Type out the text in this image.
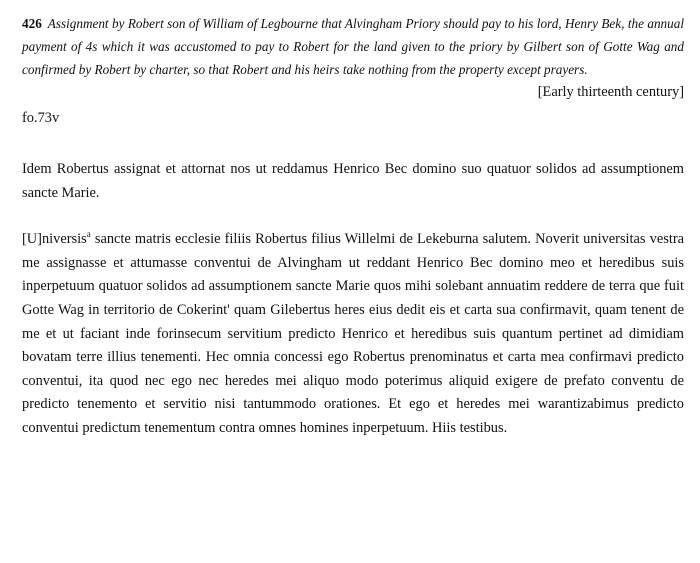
426 Assignment by Robert son of William of Legbourne that Alvingham Priory should pay to his lord, Henry Bek, the annual payment of 4s which it was accustomed to pay to Robert for the land given to the priory by Gilbert son of Gotte Wag and confirmed by Robert by charter, so that Robert and his heirs take nothing from the property except prayers.

[Early thirteenth century]

fo.73v

Idem Robertus assignat et attornat nos ut reddamus Henrico Bec domino suo quatuor solidos ad assumptionem sancte Marie.

[U]niversis$^a$ sancte matris ecclesie filiis Robertus filius Willelmi de Lekeburna salutem. Noverit universitas vestra me assignasse et attumasse conventui de Alvingham ut reddant Henrico Bec domino meo et heredibus suis inperpetuum quatuor solidos ad assumptionem sancte Marie quos mihi solebant annuatim reddere de terra que fuit Gotte Wag in territorio de Cokerint' quam Gilebertus heres eius dedit eis et carta sua confirmavit, quam tenent de me et ut faciant inde forinsecum servitium predicto Henrico et heredibus suis quantum pertinet ad dimidiam bovatam terre illius tenementi. Hec omnia concessi ego Robertus prenominatus et carta mea confirmavi predicto conventui, ita quod nec ego nec heredes mei aliquo modo poterimus aliquid exigere de prefato conventu de predicto tenemento et servitio nisi tantummodo orationes. Et ego et heredes mei warantizabimus predicto conventui predictum tenementum contra omnes homines inperpetuum. Hiis testibus.
